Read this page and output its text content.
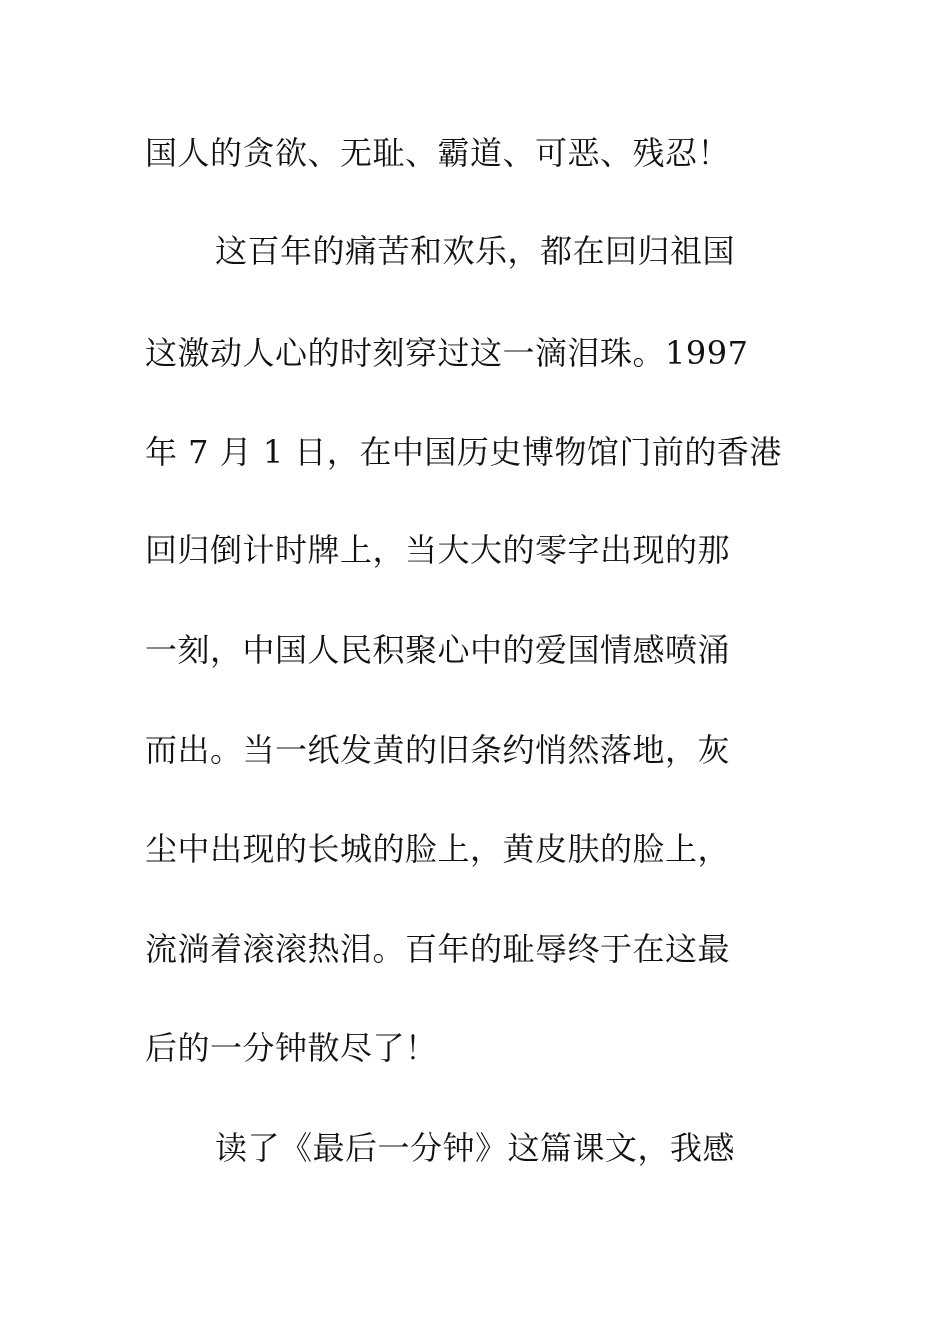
国人的贪欲、无耻、霸道、可恶、残忍！
这百年的痛苦和欢乐，都在回归祖国
这激动人心的时刻穿过这一滴泪珠。1997
年 7 月 1 日，在中国历史博物馆门前的香港
回归倒计时牌上，当大大的零字出现的那
一刻，中国人民积聚心中的爱国情感喷涌
而出。当一纸发黄的旧条约悄然落地，灰
尘中出现的长城的脸上，黄皮肤的脸上，
流淌着滚滚热泪。百年的耻辱终于在这最
后的一分钟散尽了！
读了《最后一分钟》这篇课文，我感
